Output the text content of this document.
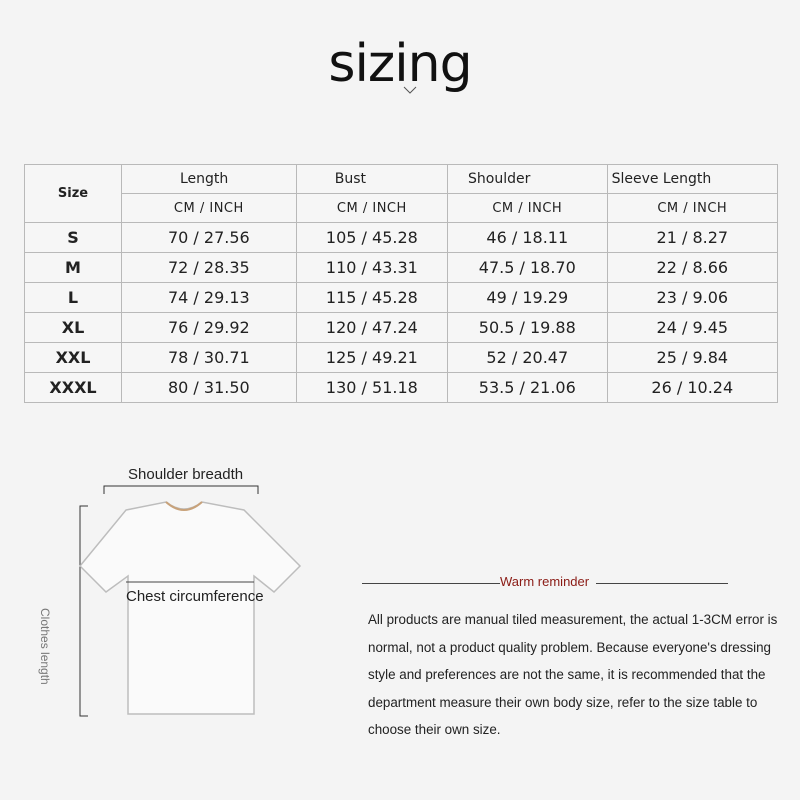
sizing
Size	Length	Bust	Shoulder	Sleeve Length
	CM / INCH	CM / INCH	CM / INCH	CM / INCH
S	70 / 27.56	105 / 45.28	46 / 18.11	21 / 8.27
M	72 / 28.35	110 / 43.31	47.5 / 18.70	22 / 8.66
L	74 / 29.13	115 / 45.28	49 / 19.29	23 / 9.06
XL	76 / 29.92	120 / 47.24	50.5 / 19.88	24 / 9.45
XXL	78 / 30.71	125 / 49.21	52 / 20.47	25 / 9.84
XXXL	80 / 31.50	130 / 51.18	53.5 / 21.06	26 / 10.24
Shoulder breadth
Chest circumference
Clothes length
Warm reminder
All products are manual tiled measurement, the actual 1-3CM error is normal, not a product quality problem. Because everyone's dressing style and preferences are not the same, it is recommended that the department measure their own body size, refer to the size table to choose their own size.
